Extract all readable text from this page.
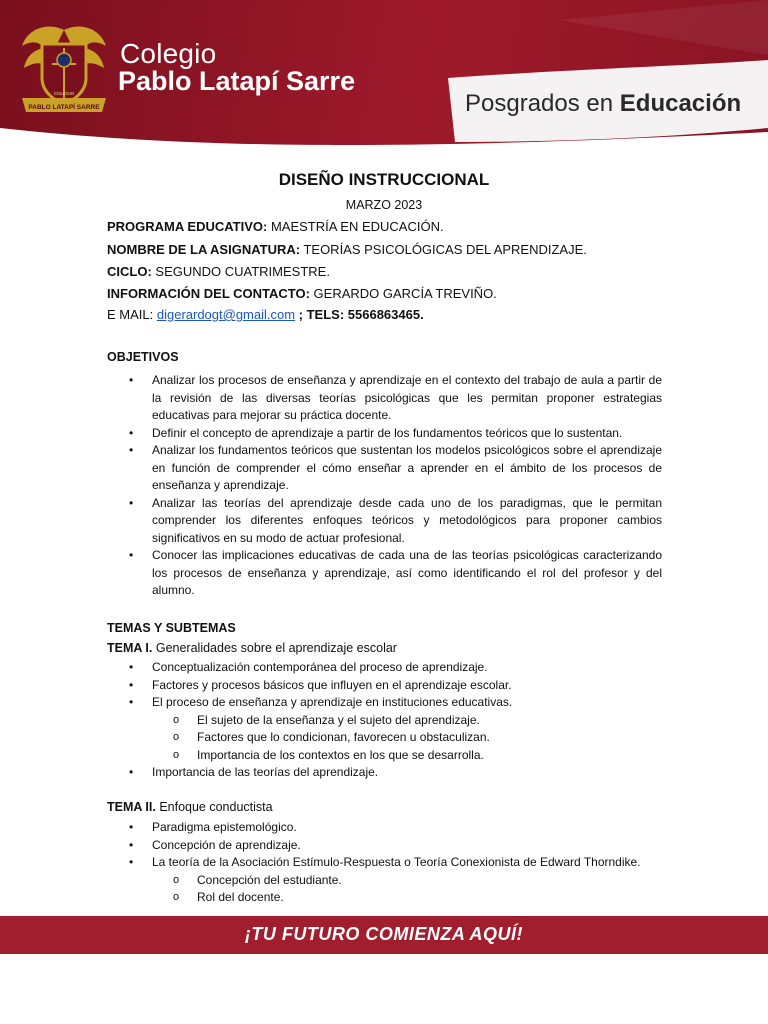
PABLO LATAPÍ SARRE
COLEGIO
Colegio
Pablo Latapí Sarre
Posgrados en Educación
DISEÑO INSTRUCCIONAL
MARZO 2023
PROGRAMA EDUCATIVO: MAESTRÍA EN EDUCACIÓN.
NOMBRE DE LA ASIGNATURA: TEORÍAS PSICOLÓGICAS DEL APRENDIZAJE.
CICLO: SEGUNDO CUATRIMESTRE.
INFORMACIÓN DEL CONTACTO: GERARDO GARCÍA TREVIÑO.
E MAIL: digerardogt@gmail.com ; TELS: 5566863465.
OBJETIVOS
• Analizar los procesos de enseñanza y aprendizaje en el contexto del trabajo de aula a partir de la revisión de las diversas teorías psicológicas que les permitan proponer estrategias educativas para mejorar su práctica docente.
• Definir el concepto de aprendizaje a partir de los fundamentos teóricos que lo sustentan.
• Analizar los fundamentos teóricos que sustentan los modelos psicológicos sobre el aprendizaje en función de comprender el cómo enseñar a aprender en el ámbito de los procesos de enseñanza y aprendizaje.
• Analizar las teorías del aprendizaje desde cada uno de los paradigmas, que le permitan comprender los diferentes enfoques teóricos y metodológicos para proponer cambios significativos en su modo de actuar profesional.
• Conocer las implicaciones educativas de cada una de las teorías psicológicas caracterizando los procesos de enseñanza y aprendizaje, así como identificando el rol del profesor y del alumno.
TEMAS Y SUBTEMAS
TEMA I. Generalidades sobre el aprendizaje escolar
• Conceptualización contemporánea del proceso de aprendizaje.
• Factores y procesos básicos que influyen en el aprendizaje escolar.
• El proceso de enseñanza y aprendizaje en instituciones educativas.
o El sujeto de la enseñanza y el sujeto del aprendizaje.
o Factores que lo condicionan, favorecen u obstaculizan.
o Importancia de los contextos en los que se desarrolla.
• Importancia de las teorías del aprendizaje.
TEMA II. Enfoque conductista
• Paradigma epistemológico.
• Concepción de aprendizaje.
• La teoría de la Asociación Estímulo-Respuesta o Teoría Conexionista de Edward Thorndike.
o Concepción del estudiante.
o Rol del docente.
¡TU FUTURO COMIENZA AQUÍ!
